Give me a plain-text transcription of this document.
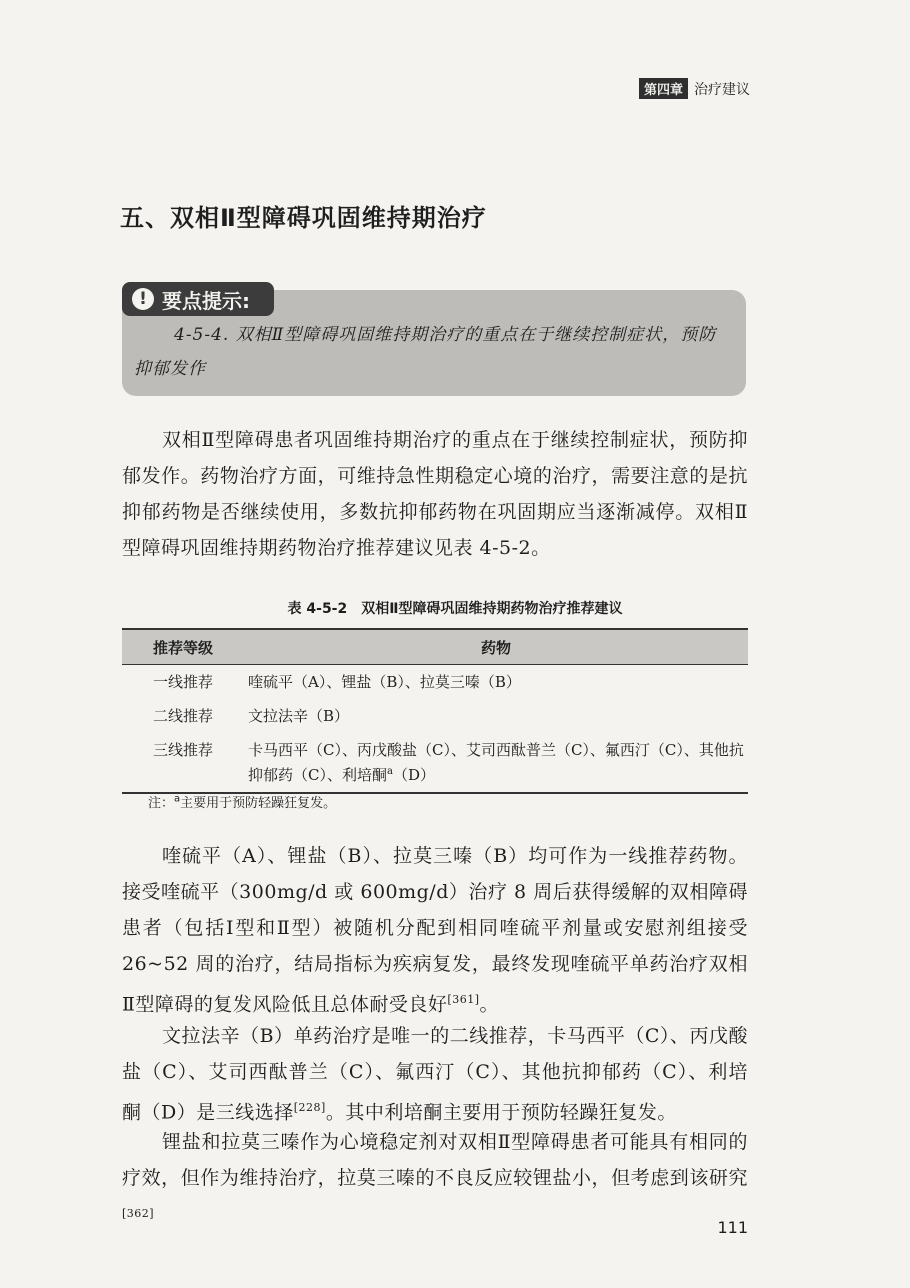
第四章 治疗建议
五、双相Ⅱ型障碍巩固维持期治疗
! 要点提示:
4-5-4. 双相Ⅱ型障碍巩固维持期治疗的重点在于继续控制症状，预防抑郁发作
双相Ⅱ型障碍患者巩固维持期治疗的重点在于继续控制症状，预防抑郁发作。药物治疗方面，可维持急性期稳定心境的治疗，需要注意的是抗抑郁药物是否继续使用，多数抗抑郁药物在巩固期应当逐渐减停。双相Ⅱ型障碍巩固维持期药物治疗推荐建议见表 4-5-2。
表 4-5-2　双相Ⅱ型障碍巩固维持期药物治疗推荐建议
推荐等级	药物
一线推荐	喹硫平（A）、锂盐（B）、拉莫三嗪（B）
二线推荐	文拉法辛（B）
三线推荐	卡马西平（C）、丙戊酸盐（C）、艾司西酞普兰（C）、氟西汀（C）、其他抗抑郁药（C）、利培酮$^a$（D）
注：$^a$主要用于预防轻躁狂复发。
喹硫平（A）、锂盐（B）、拉莫三嗪（B）均可作为一线推荐药物。接受喹硫平（300mg/d 或 600mg/d）治疗 8 周后获得缓解的双相障碍患者（包括Ⅰ型和Ⅱ型）被随机分配到相同喹硫平剂量或安慰剂组接受 26~52 周的治疗，结局指标为疾病复发，最终发现喹硫平单药治疗双相Ⅱ型障碍的复发风险低且总体耐受良好[361]。
文拉法辛（B）单药治疗是唯一的二线推荐，卡马西平（C）、丙戊酸盐（C）、艾司西酞普兰（C）、氟西汀（C）、其他抗抑郁药（C）、利培酮（D）是三线选择[228]。其中利培酮主要用于预防轻躁狂复发。
锂盐和拉莫三嗪作为心境稳定剂对双相Ⅱ型障碍患者可能具有相同的疗效，但作为维持治疗，拉莫三嗪的不良反应较锂盐小，但考虑到该研究[362]
111
